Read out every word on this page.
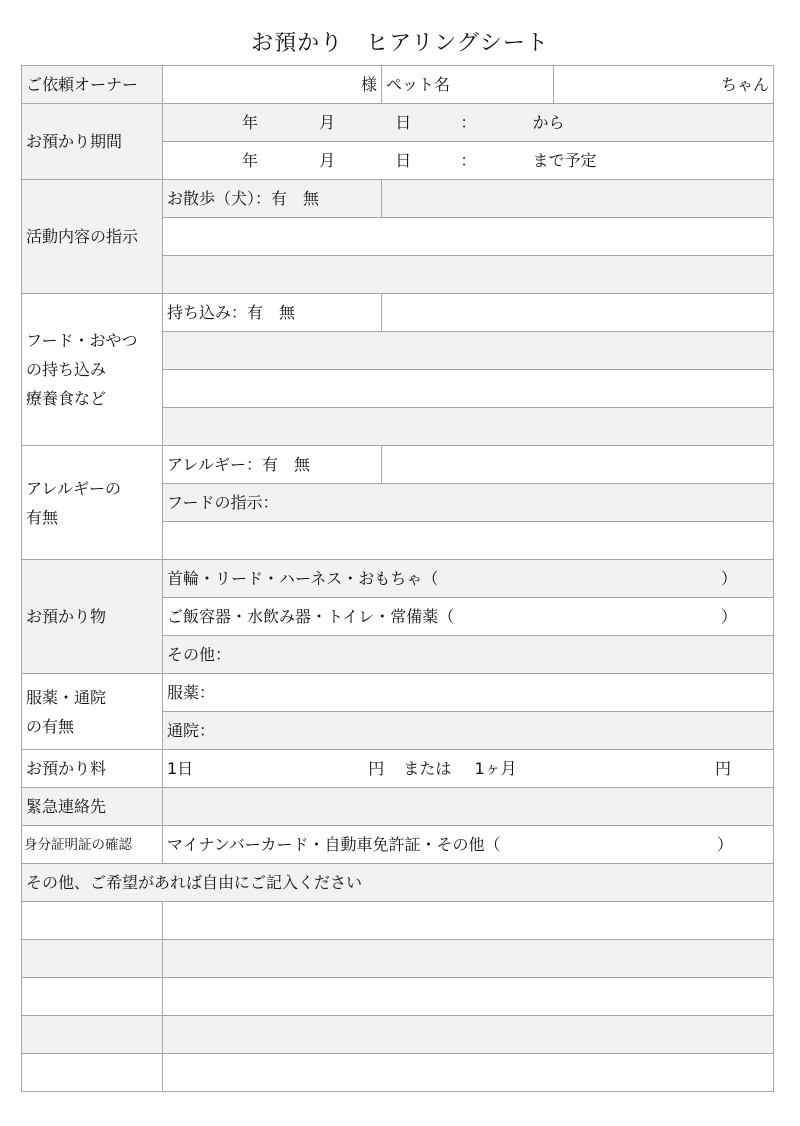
お預かり　ヒアリングシート
ご依頼オーナー	様	ペット名	ちゃん
お預かり期間	年 月 日 ： から		
	年 月 日 ： まで予定		
活動内容の指示	お散歩（犬）：有　無		

フード・おやつ
の持ち込み
療養食など	持ち込み：有　無		

アレルギーの
有無	アレルギー：有　無		
	フードの指示：		

お預かり物	首輪・リード・ハーネス・おもちゃ（ ）		

	ご飯容器・水飲み器・トイレ・常備薬（ ）		

	その他：		
服薬・通院
の有無	服薬：		
	通院：		
お預かり料	1日 円 または 1ヶ月 円		

緊急連絡先			
身分証明証の確認	マイナンバーカード・自動車免許証・その他（ ）		

その他、ご希望があれば自由にご記入ください			
